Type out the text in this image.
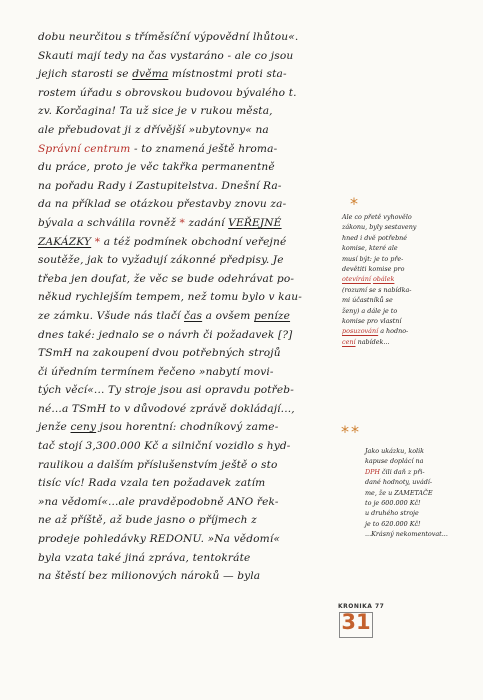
dobu neurčitou s tříměsíční výpovědní lhůtou«.
Skauti mají tedy na čas vystaráno - ale co jsou
jejich starosti se dvěma místnostmi proti sta-
rostem úřadu s obrovskou budovou bývalého t.
zv. Korčagina! Ta už sice je v rukou města,
ale přebudovat ji z dřívější »ubytovny« na
Správní centrum - to znamená ještě hroma-
du práce, proto je věc takřka permanentně
na pořadu Rady i Zastupitelstva. Dnešní Ra-
da na příklad se otázkou přestavby znovu za-
bývala a schválila rovněž * zadání VEŘEJNÉ
ZAKÁZKY * a též podmínek obchodní veřejné
soutěže, jak to vyžadují zákonné předpisy. Je
třeba jen doufat, že věc se bude odehrávat po-
někud rychlejším tempem, než tomu bylo v kau-
ze zámku. Všude nás tlačí čas a ovšem peníze
dnes také: jednalo se o návrh či požadavek [?]
TSmH na zakoupení dvou potřebných strojů
či úředním termínem řečeno »nabytí movi-
tých věcí«... Ty stroje jsou asi opravdu potřeb-
né...a TSmH to v důvodové zprávě dokládají...,
jenže ceny jsou horentní: chodníkový zame-
tač stojí 3,300.000 Kč a silniční vozidlo s hyd-
raulikou a dalším příslušenstvím ještě o sto
tisíc víc! Rada vzala ten požadavek zatím
»na vědomí«...ale pravděpodobně ANO řek-
ne až příště, až bude jasno o příjmech z
prodeje pohledávky REDONU. »Na vědomí«
byla vzata také jiná zpráva, tentokráte
na štěstí bez milionových nároků — byla
*
Ale co přetě vyhovělo
zákonu, byly sestaveny
hned i dvě potřebné
komise, které ale
musí být: je to pře-
devětiti komise pro
otevírání obálek
(rozumí se s nabídka-
mi účastníků se
ženy) a dále je to
komise pro vlastní
posuzování a hodno-
cení nabídek...
**
Jako ukázku, kolik
kapuse doplácí na
DPH čili daň z při-
dané hodnoty, uvádí-
me, že u ZAMETAČE
to je 600.000 Kč!
u druhého stroje
je to 620.000 Kč!
...Krásný nekomentovat...
KRONIKA 77
31
